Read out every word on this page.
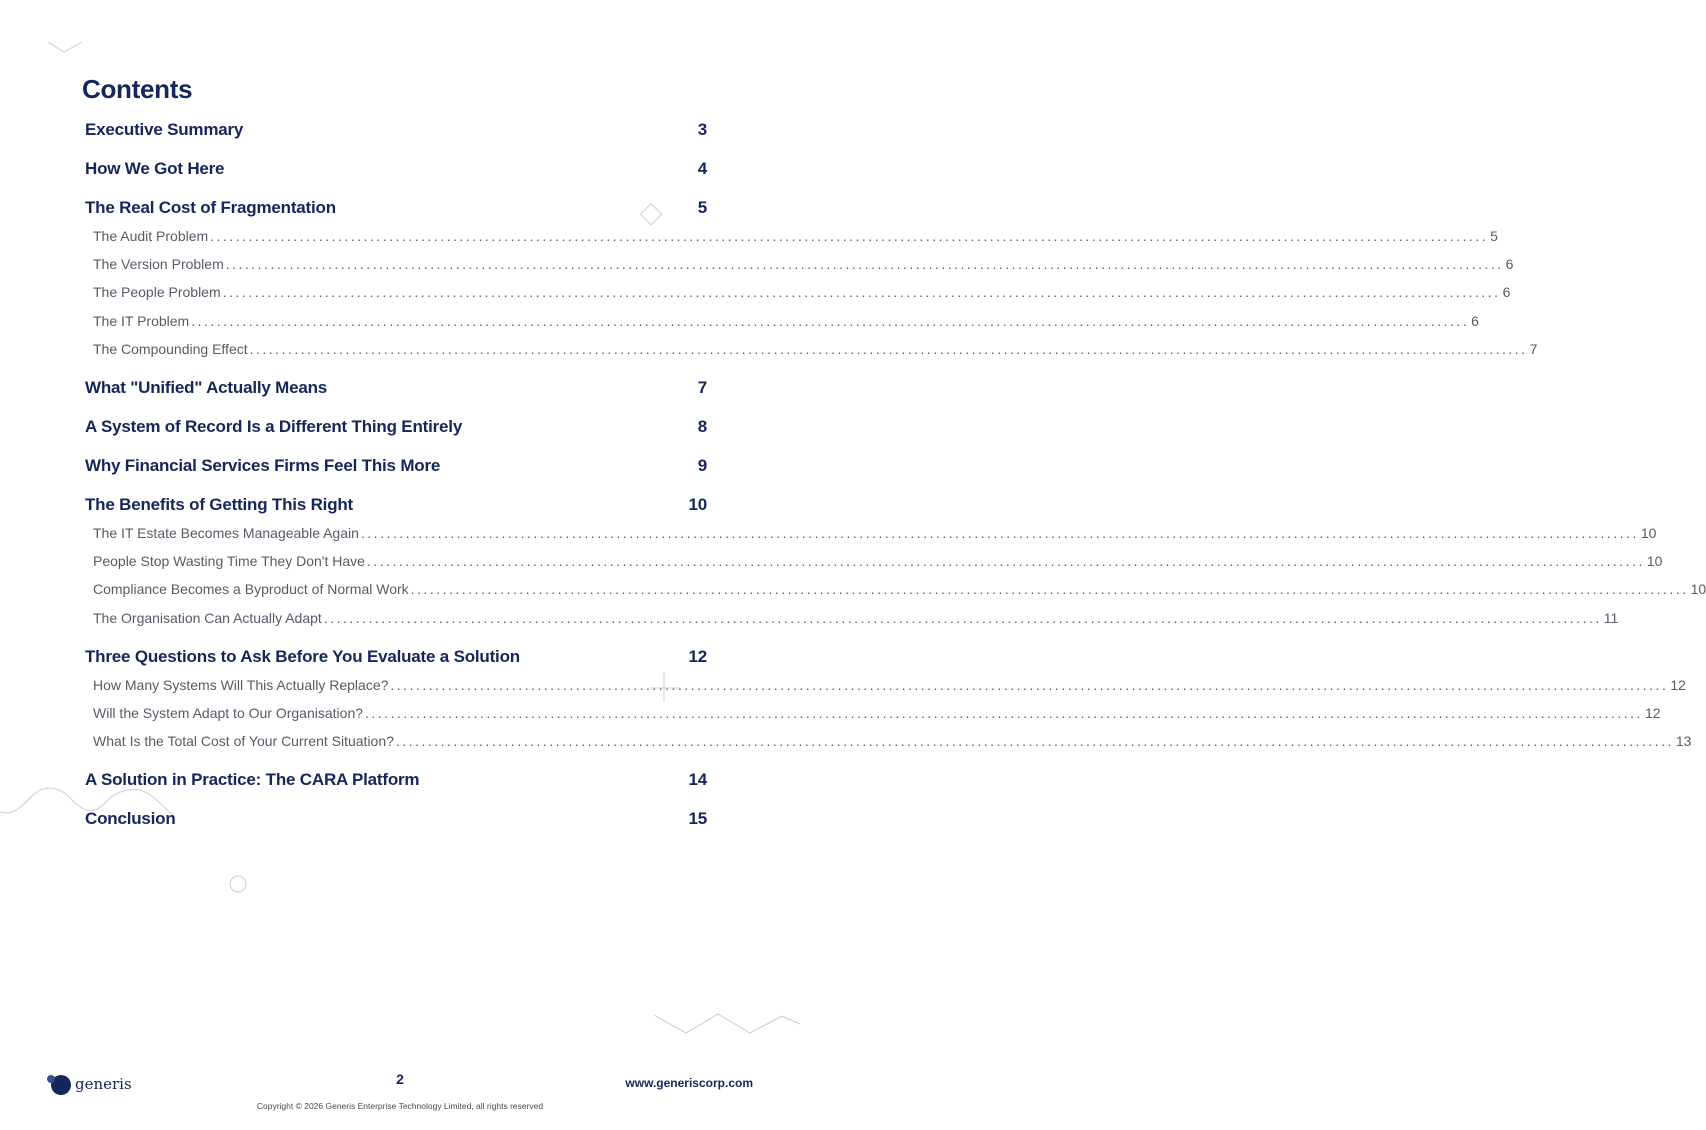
Contents
Executive Summary	3
How We Got Here	4
The Real Cost of Fragmentation	5
The Audit Problem ........................................................................................................................................................................................................ 5
The Version Problem ........................................................................................................................................................................................................ 6
The People Problem ........................................................................................................................................................................................................ 6
The IT Problem ........................................................................................................................................................................................................ 6
The Compounding Effect ........................................................................................................................................................................................................ 7
What "Unified" Actually Means	7
A System of Record Is a Different Thing Entirely	8
Why Financial Services Firms Feel This More	9
The Benefits of Getting This Right	10
The IT Estate Becomes Manageable Again ........................................................................................................................................................................................................ 10
People Stop Wasting Time They Don't Have ........................................................................................................................................................................................................ 10
Compliance Becomes a Byproduct of Normal Work ........................................................................................................................................................................................................ 10
The Organisation Can Actually Adapt ........................................................................................................................................................................................................ 11
Three Questions to Ask Before You Evaluate a Solution	12
How Many Systems Will This Actually Replace? ........................................................................................................................................................................................................ 12
Will the System Adapt to Our Organisation? ........................................................................................................................................................................................................ 12
What Is the Total Cost of Your Current Situation? ........................................................................................................................................................................................................ 13
A Solution in Practice: The CARA Platform	14
Conclusion	15
generis	2	www.generiscorp.com
Copyright © 2026 Generis Enterprise Technology Limited, all rights reserved
